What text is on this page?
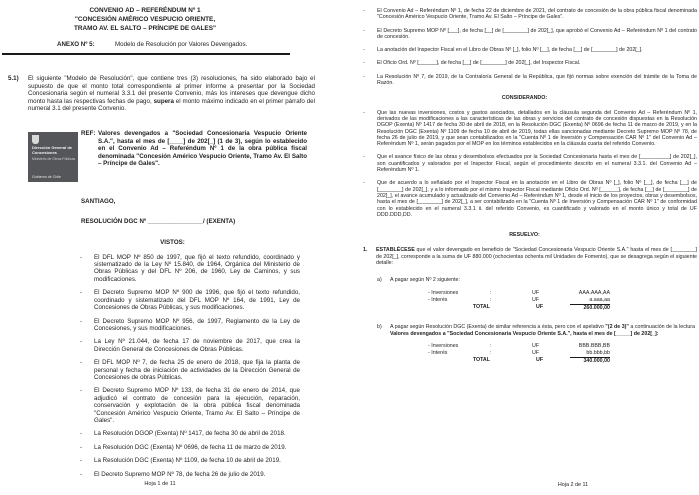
CONVENIO AD – REFERÉNDUM Nº 1
"CONCESIÓN AMÉRICO VESPUCIO ORIENTE,
TRAMO AV. EL SALTO – PRÍNCIPE DE GALES"
ANEXO Nº 5:	Modelo de Resolución por Valores Devengados.
5.1)	El siguiente "Modelo de Resolución", que contiene tres (3) resoluciones, ha sido elaborado bajo el supuesto de que el monto total correspondiente al primer informe a presentar por la Sociedad Concesionaria según el numeral 3.3.1 del presente Convenio, más los intereses que devengue dicho monto hasta las respectivas fechas de pago, supera el monto máximo indicado en el primer párrafo del numeral 3.1 del presente Convenio.
Dirección General de Concesiones
Ministerio de Obras Públicas
Gobierno de Chile
REF: Valores devengados a "Sociedad Concesionaria Vespucio Oriente S.A.", hasta el mes de [____] de 202[_] (1 de 3), según lo establecido en el Convenio Ad – Referéndum Nº 1 de la obra pública fiscal denominada "Concesión Américo Vespucio Oriente, Tramo Av. El Salto – Príncipe de Gales".
SANTIAGO,
RESOLUCIÓN DGC Nº ________________/ (EXENTA)
VISTOS:
-	El DFL MOP Nº 850 de 1997, que fijó el texto refundido, coordinado y sistematizado de la Ley Nº 15.840, de 1964, Orgánica del Ministerio de Obras Públicas y del DFL Nº 206, de 1960, Ley de Caminos, y sus modificaciones.
-	El Decreto Supremo MOP Nº 900 de 1996, que fijó el texto refundido, coordinado y sistematizado del DFL MOP Nº 164, de 1991, Ley de Concesiones de Obras Públicas, y sus modificaciones.
-	El Decreto Supremo MOP Nº 956, de 1997, Reglamento de la Ley de Concesiones, y sus modificaciones.
-	La Ley Nº 21.044, de fecha 17 de noviembre de 2017, que crea la Dirección General de Concesiones de Obras Públicas.
-	El DFL MOP Nº 7, de fecha 25 de enero de 2018, que fija la planta de personal y fecha de iniciación de actividades de la Dirección General de Concesiones de obras Públicas.
-	El Decreto Supremo MOP Nº 133, de fecha 31 de enero de 2014, que adjudicó el contrato de concesión para la ejecución, reparación, conservación y explotación de la obra pública fiscal denominada "Concesión Américo Vespucio Oriente, Tramo Av. El Salto – Príncipe de Gales".
-	La Resolución DGOP (Exenta) Nº 1417, de fecha 30 de abril de 2018.
-	La Resolución DGC (Exenta) Nº 0696, de fecha 11 de marzo de 2019.
-	La Resolución DGC (Exenta) Nº 1109, de fecha 10 de abril de 2019.
-	El Decreto Supremo MOP Nº 78, de fecha 26 de julio de 2019.
Hoja 1 de 11
-	El Convenio Ad – Referéndum Nº 1, de fecha 22 de diciembre de 2021, del contrato de concesión de la obra pública fiscal denominada "Concesión Américo Vespucio Oriente, Tramo Av. El Salto – Príncipe de Gales".
-	El Decreto Supremo MOP Nº [___], de fecha [__] de [________] de 202[_], que aprobó el Convenio Ad – Referéndum Nº 1 del contrato de concesión.
-	La anotación del Inspector Fiscal en el Libro de Obras Nº [_], folio Nº [__], de fecha [__] de [________] de 202[_].
-	El Oficio Ord. Nº [______], de fecha [__] de [________] de 202[_], del Inspector Fiscal.
-	La Resolución Nº 7, de 2019, de la Contraloría General de la República, que fijó normas sobre exención del trámite de la Toma de Razón.
CONSIDERANDO:
-	Que las nuevas inversiones, costos y gastos asociados, detallados en la cláusula segunda del Convenio Ad – Referéndum Nº 1, derivados de las modificaciones a las características de las obras y servicios del contrato de concesión dispuestas en la Resolución DGOP (Exenta) Nº 1417 de fecha 30 de abril de 2018, en la Resolución DGC (Exenta) Nº 0696 de fecha 11 de marzo de 2019, y en la Resolución DGC (Exenta) Nº 1109 de fecha 10 de abril de 2019, todas ellas sancionadas mediante Decreto Supremo MOP Nº 78, de fecha 26 de julio de 2019, y que sean contabilizados en la "Cuenta Nº 1 de Inversión y Compensación CAR Nº 1" del Convenio Ad – Referéndum Nº 1, serán pagados por el MOP en los términos establecidos en la cláusula cuarta del referido Convenio.
-	Que el avance físico de las obras y desembolsos efectuados por la Sociedad Concesionaria hasta el mes de [__________] de 202[_], son cuantificados y valorados por el Inspector Fiscal, según el procedimiento descrito en el numeral 3.3.1. del Convenio Ad – Referéndum Nº 1.
-	Que de acuerdo a lo señalado por el Inspector Fiscal en la anotación en el Libro de Obras Nº [_], folio Nº [__], de fecha [__] de [________] de 202[_], y a lo informado por el mismo Inspector Fiscal mediante Oficio Ord. Nº [______], de fecha [__] de [________] de 202[_], el avance acumulado y actualizado del Convenio Ad – Referéndum Nº 1, desde el inicio de los proyectos, obras y desembolsos, hasta el mes de [________] de 202[_], a ser contabilizado en la "Cuenta Nº 1 de Inversión y Compensación CAR Nº 1" de conformidad con lo establecido en el numeral 3.3.1 ii. del referido Convenio, es cuantificado y valorado en el monto único y total de UF DDD.DDD,DD.
RESUELVO:
1.	ESTABLÉCESE que el valor devengado en beneficio de "Sociedad Concesionaria Vespucio Oriente S.A." hasta el mes de [________] de 202[_], corresponde a la suma de UF 880.000 (ochocientas ochenta mil Unidades de Fomento), que se desagrega según el siguiente detalle:
a)	A pagar según Nº 2 siguiente:
- Inversiones	:	UF	AAA.AAA,AA
- Interés	:	UF	a.aaa,aa
TOTAL	UF	260.000,00
b)	A pagar según Resolución DGC (Exenta) de similar referencia a ésta, pero con el apelativo "(2 de 3)" a continuación de la lectura Valores devengados a "Sociedad Concesionaria Vespucio Oriente S.A.", hasta el mes de [_____] de 202[_]:
- Inversiones	:	UF	BBB.BBB,BB
- Interés	:	UF	bb.bbb,bb
TOTAL	UF	340.000,00
Hoja 2 de 11
